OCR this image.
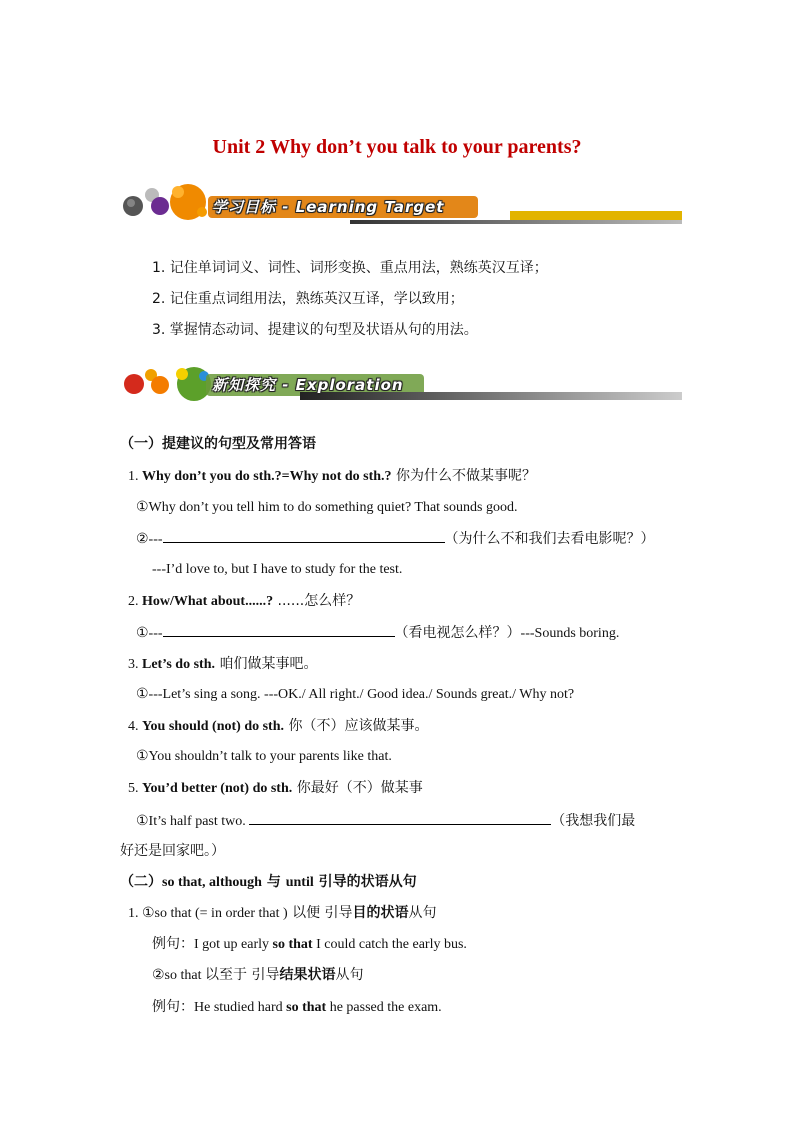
Unit 2 Why don’t you talk to your parents?
学习目标 - Learning Target
1. 记住单词词义、词性、词形变换、重点用法，熟练英汉互译；
2. 记住重点词组用法，熟练英汉互译，学以致用；
3. 掌握情态动词、提建议的句型及状语从句的用法。
新知探究 - Exploration
（一）提建议的句型及常用答语
1. Why don’t you do sth.?=Why not do sth.? 你为什么不做某事呢？
①Why don’t you tell him to do something quiet? That sounds good.
②---	（为什么不和我们去看电影呢？）
---I’d love to, but I have to study for the test.
2. How/What about......? ......怎么样？
①---	（看电视怎么样？）---Sounds boring.
3. Let’s do sth. 咱们做某事吧。
①---Let’s sing a song. ---OK./ All right./ Good idea./ Sounds great./ Why not?
4. You should (not) do sth. 你（不）应该做某事。
①You shouldn’t talk to your parents like that.
5. You’d better (not) do sth. 你最好（不）做某事
①It’s half past two.	（我想我们最
好还是回家吧。）
（二）so that, although 与 until 引导的状语从句
1. ①so that (= in order that ) 以便 引导目的状语从句
例句：I got up early so that I could catch the early bus.
②so that 以至于 引导结果状语从句
例句：He studied hard so that he passed the exam.
